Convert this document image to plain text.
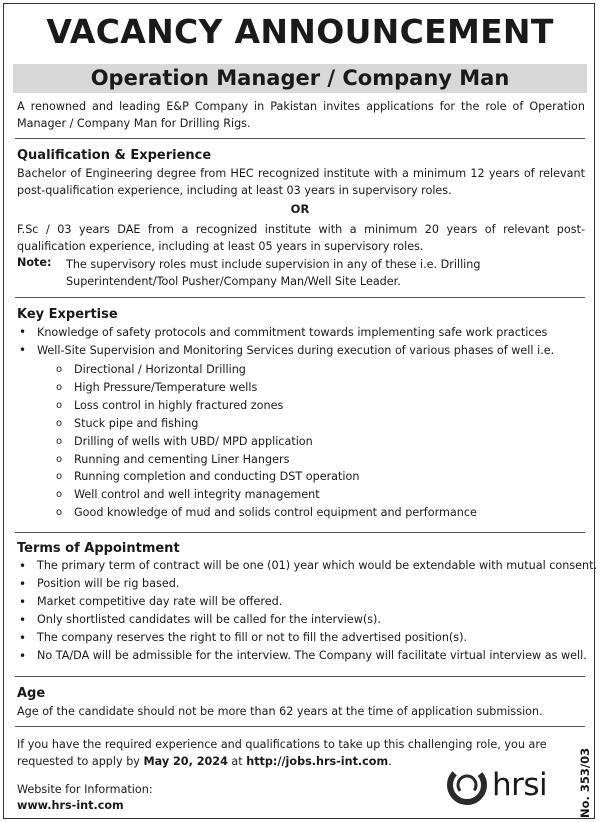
VACANCY ANNOUNCEMENT
Operation Manager / Company Man
A renowned and leading E&P Company in Pakistan invites applications for the role of Operation Manager / Company Man for Drilling Rigs.
Qualification & Experience
Bachelor of Engineering degree from HEC recognized institute with a minimum 12 years of relevant post-qualification experience, including at least 03 years in supervisory roles.
OR
F.Sc / 03 years DAE from a recognized institute with a minimum 20 years of relevant post- qualification experience, including at least 05 years in supervisory roles.
Note: The supervisory roles must include supervision in any of these i.e. Drilling Superintendent/Tool Pusher/Company Man/Well Site Leader.
Key Expertise
• Knowledge of safety protocols and commitment towards implementing safe work practices
• Well-Site Supervision and Monitoring Services during execution of various phases of well i.e.
o Directional / Horizontal Drilling
o High Pressure/Temperature wells
o Loss control in highly fractured zones
o Stuck pipe and fishing
o Drilling of wells with UBD/ MPD application
o Running and cementing Liner Hangers
o Running completion and conducting DST operation
o Well control and well integrity management
o Good knowledge of mud and solids control equipment and performance
Terms of Appointment
• The primary term of contract will be one (01) year which would be extendable with mutual consent.
• Position will be rig based.
• Market competitive day rate will be offered.
• Only shortlisted candidates will be called for the interview(s).
• The company reserves the right to fill or not to fill the advertised position(s).
• No TA/DA will be admissible for the interview. The Company will facilitate virtual interview as well.
Age
Age of the candidate should not be more than 62 years at the time of application submission.
If you have the required experience and qualifications to take up this challenging role, you are requested to apply by May 20, 2024 at http://jobs.hrs-int.com.
Website for Information:
www.hrs-int.com
hrsi	No. 353/03
